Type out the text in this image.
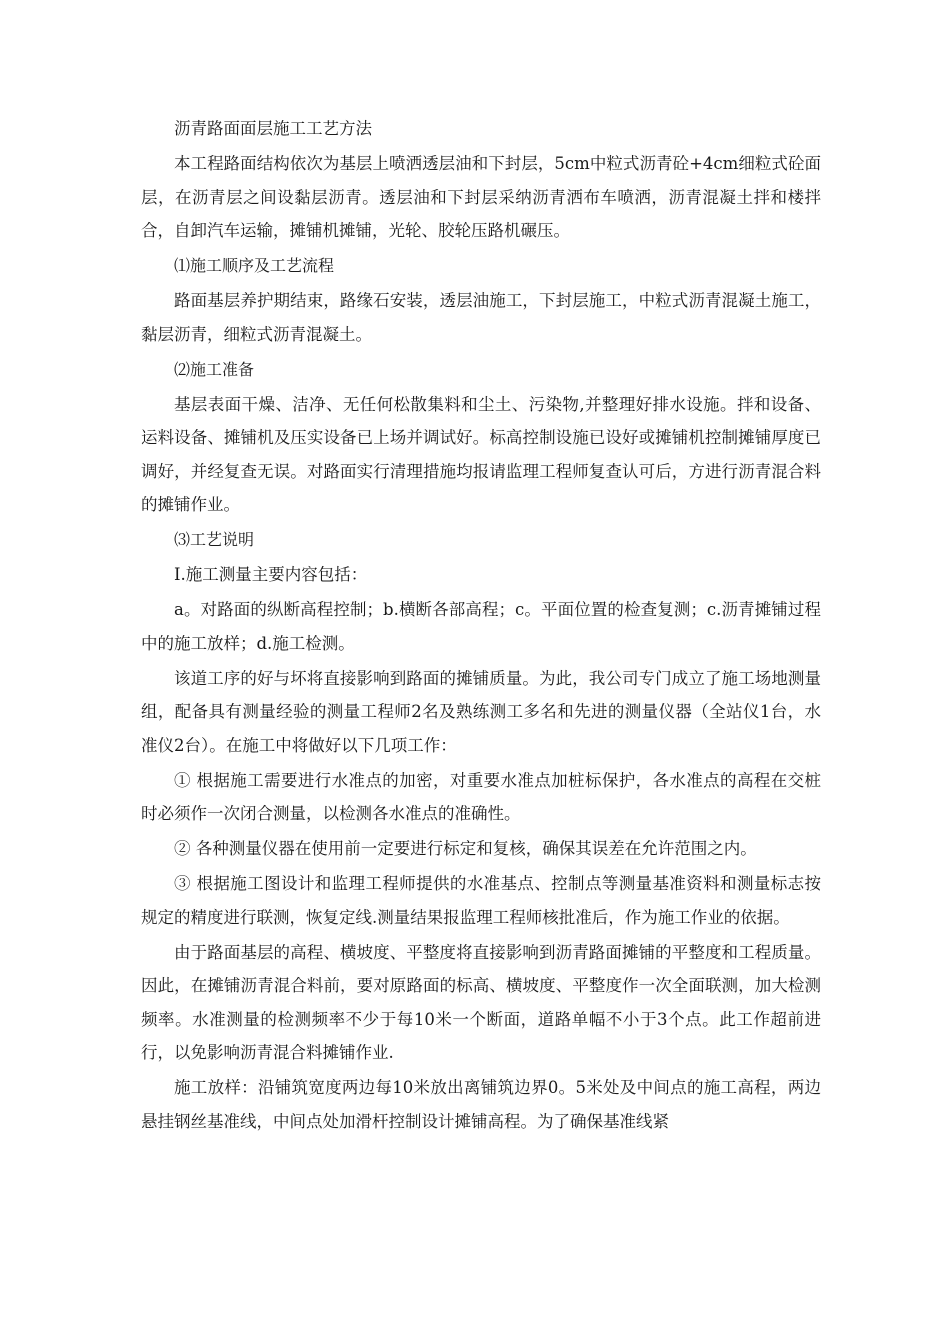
沥青路面面层施工工艺方法

本工程路面结构依次为基层上喷洒透层油和下封层，5cm中粒式沥青砼+4cm细粒式砼面层，在沥青层之间设黏层沥青。透层油和下封层采纳沥青洒布车喷洒，沥青混凝土拌和楼拌合，自卸汽车运输，摊铺机摊铺，光轮、胶轮压路机碾压。

⑴施工顺序及工艺流程

路面基层养护期结束，路缘石安装，透层油施工，下封层施工，中粒式沥青混凝土施工，黏层沥青，细粒式沥青混凝土。

⑵施工准备

基层表面干燥、洁净、无任何松散集料和尘土、污染物,并整理好排水设施。拌和设备、运料设备、摊铺机及压实设备已上场并调试好。标高控制设施已设好或摊铺机控制摊铺厚度已调好，并经复查无误。对路面实行清理措施均报请监理工程师复查认可后，方进行沥青混合料的摊铺作业。

⑶工艺说明

Ⅰ.施工测量主要内容包括：

a。对路面的纵断高程控制；b.横断各部高程；c。平面位置的检查复测；c.沥青摊铺过程中的施工放样；d.施工检测。

该道工序的好与坏将直接影响到路面的摊铺质量。为此，我公司专门成立了施工场地测量组，配备具有测量经验的测量工程师2名及熟练测工多名和先进的测量仪器（全站仪1台，水准仪2台）。在施工中将做好以下几项工作：

① 根据施工需要进行水准点的加密，对重要水准点加桩标保护，各水准点的高程在交桩时必须作一次闭合测量，以检测各水准点的准确性。

② 各种测量仪器在使用前一定要进行标定和复核，确保其误差在允许范围之内。

③ 根据施工图设计和监理工程师提供的水准基点、控制点等测量基准资料和测量标志按规定的精度进行联测，恢复定线.测量结果报监理工程师核批准后，作为施工作业的依据。

由于路面基层的高程、横坡度、平整度将直接影响到沥青路面摊铺的平整度和工程质量。因此，在摊铺沥青混合料前，要对原路面的标高、横坡度、平整度作一次全面联测，加大检测频率。水准测量的检测频率不少于每10米一个断面，道路单幅不小于3个点。此工作超前进行，以免影响沥青混合料摊铺作业.

施工放样：沿铺筑宽度两边每10米放出离铺筑边界0。5米处及中间点的施工高程，两边悬挂钢丝基准线，中间点处加滑杆控制设计摊铺高程。为了确保基准线紧
